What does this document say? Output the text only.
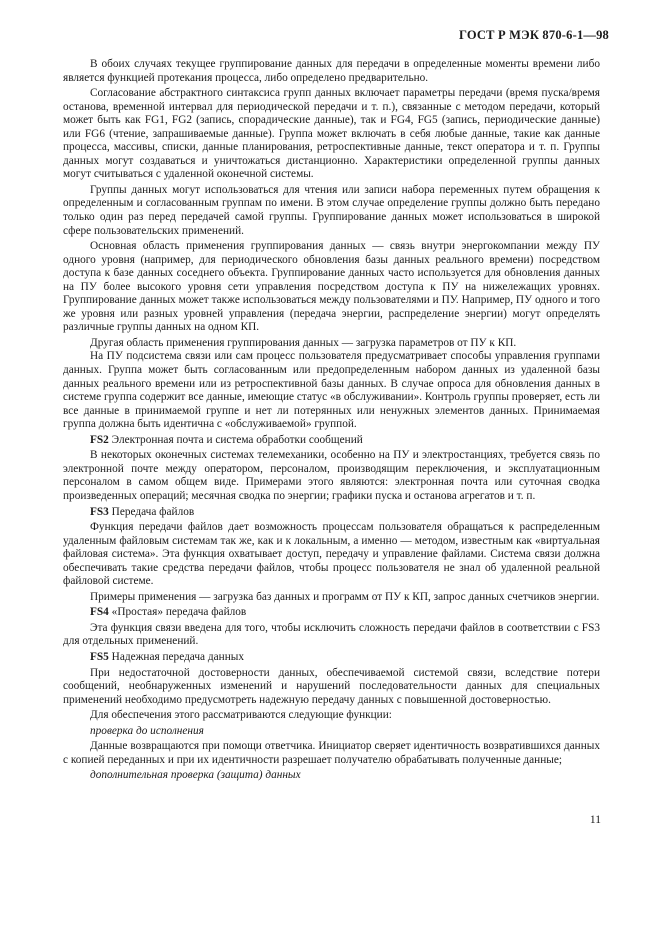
ГОСТ Р МЭК 870-6-1—98

В обоих случаях текущее группирование данных для передачи в определенные моменты времени либо является функцией протекания процесса, либо определено предварительно.

Согласование абстрактного синтаксиса групп данных включает параметры передачи (время пуска/время останова, временной интервал для периодической передачи и т. п.), связанные с методом передачи, который может быть как FG1, FG2 (запись, спорадические данные), так и FG4, FG5 (запись, периодические данные) или FG6 (чтение, запрашиваемые данные). Группа может включать в себя любые данные, такие как данные процесса, массивы, списки, данные планирования, ретроспективные данные, текст оператора и т. п. Группы данных могут создаваться и уничтожаться дистанционно. Характеристики определенной группы данных могут считываться с удаленной оконечной системы.

Группы данных могут использоваться для чтения или записи набора переменных путем обращения к определенным и согласованным группам по имени. В этом случае определение группы должно быть передано только один раз перед передачей самой группы. Группирование данных может использоваться в широкой сфере пользовательских применений.

Основная область применения группирования данных — связь внутри энергокомпании между ПУ одного уровня (например, для периодического обновления базы данных реального времени) посредством доступа к базе данных соседнего объекта. Группирование данных часто используется для обновления данных на ПУ более высокого уровня сети управления посредством доступа к ПУ на нижележащих уровнях. Группирование данных может также использоваться между пользователями и ПУ. Например, ПУ одного и того же уровня или разных уровней управления (передача энергии, распределение энергии) могут определять различные группы данных на одном КП.

Другая область применения группирования данных — загрузка параметров от ПУ к КП.

На ПУ подсистема связи или сам процесс пользователя предусматривает способы управления группами данных. Группа может быть согласованным или предопределенным набором данных из удаленной базы данных реального времени или из ретроспективной базы данных. В случае опроса для обновления данных в системе группа содержит все данные, имеющие статус «в обслуживании». Контроль группы проверяет, есть ли все данные в принимаемой группе и нет ли потерянных или ненужных элементов данных. Принимаемая группа должна быть идентична с «обслуживаемой» группой.

FS2 Электронная почта и система обработки сообщений

В некоторых оконечных системах телемеханики, особенно на ПУ и электростанциях, требуется связь по электронной почте между оператором, персоналом, производящим переключения, и эксплуатационным персоналом в самом общем виде. Примерами этого являются: электронная почта или суточная сводка произведенных операций; месячная сводка по энергии; графики пуска и останова агрегатов и т. п.

FS3 Передача файлов

Функция передачи файлов дает возможность процессам пользователя обращаться к распределенным удаленным файловым системам так же, как и к локальным, а именно — методом, известным как «виртуальная файловая система». Эта функция охватывает доступ, передачу и управление файлами. Система связи должна обеспечивать такие средства передачи файлов, чтобы процесс пользователя не знал об удаленной реальной файловой системе.

Примеры применения — загрузка баз данных и программ от ПУ к КП, запрос данных счетчиков энергии.

FS4 «Простая» передача файлов

Эта функция связи введена для того, чтобы исключить сложность передачи файлов в соответствии с FS3 для отдельных применений.

FS5 Надежная передача данных

При недостаточной достоверности данных, обеспечиваемой системой связи, вследствие потери сообщений, необнаруженных изменений и нарушений последовательности данных для специальных применений необходимо предусмотреть надежную передачу данных с повышенной достоверностью.

Для обеспечения этого рассматриваются следующие функции:

проверка до исполнения

Данные возвращаются при помощи ответчика. Инициатор сверяет идентичность возвратившихся данных с копией переданных и при их идентичности разрешает получателю обрабатывать полученные данные;

дополнительная проверка (защита) данных

11
